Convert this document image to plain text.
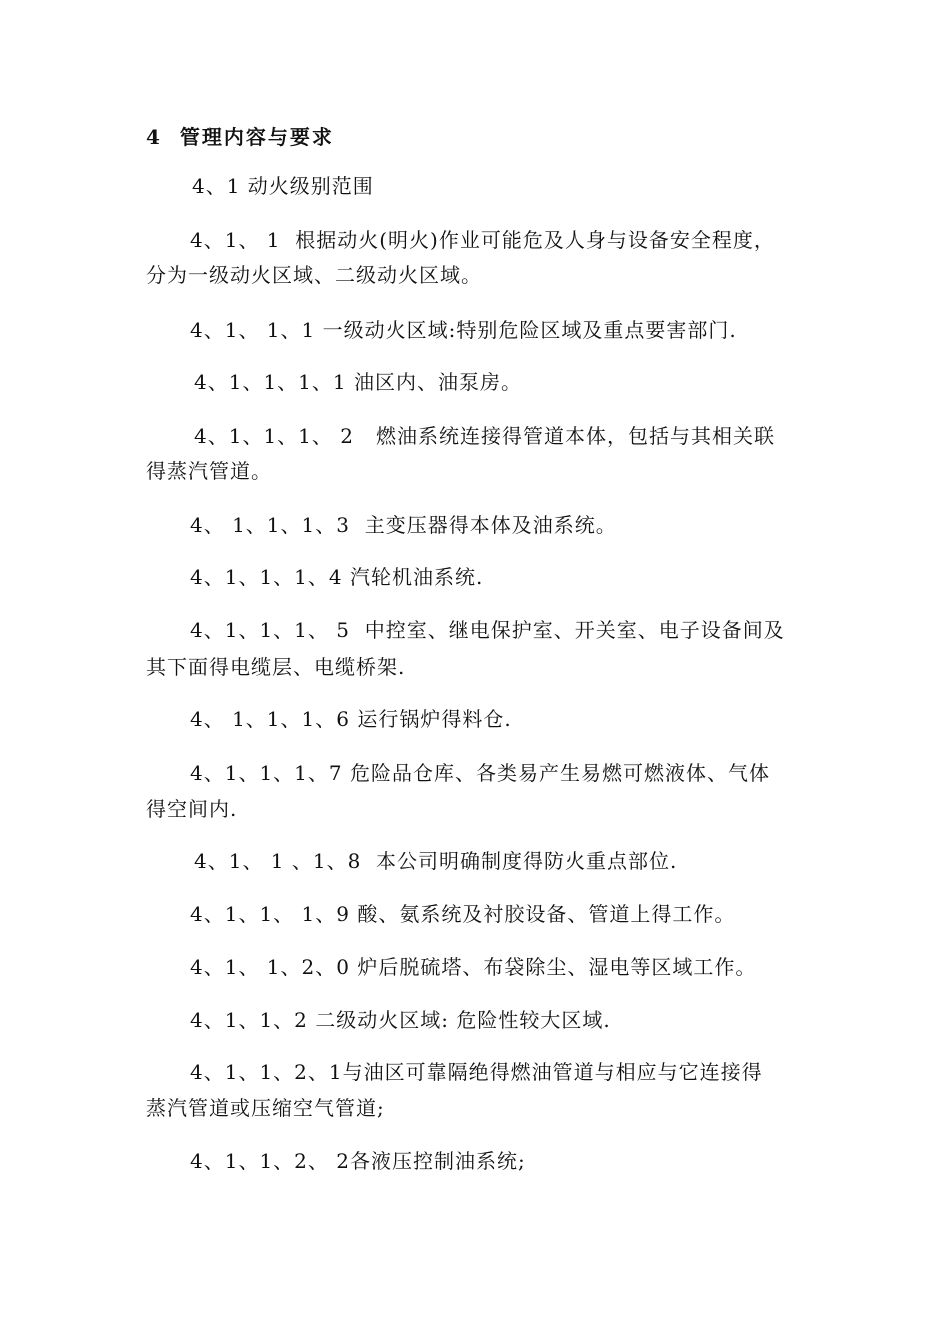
4  管理内容与要求
4、1 动火级别范围
4、1、 1  根据动火(明火)作业可能危及人身与设备安全程度，
分为一级动火区域、二级动火区域。
4、1、 1、1 一级动火区域:特别危险区域及重点要害部门.
4、1、1、1、1 油区内、油泵房。
4、1、1、1、 2   燃油系统连接得管道本体，包括与其相关联
得蒸汽管道。
4、 1、1、1、3  主变压器得本体及油系统。
4、1、1、1、4 汽轮机油系统.
4、1、1、1、 5  中控室、继电保护室、开关室、电子设备间及
其下面得电缆层、电缆桥架.
4、 1、1、1、6 运行锅炉得料仓.
4、1、1、1、7 危险品仓库、各类易产生易燃可燃液体、气体
得空间内.
4、1、 1 、1、8  本公司明确制度得防火重点部位.
4、1、1、 1、9 酸、氨系统及衬胶设备、管道上得工作。
4、1、 1、2、0 炉后脱硫塔、布袋除尘、湿电等区域工作。
4、1、1、2 二级动火区域: 危险性较大区域.
4、1、1、2、1与油区可靠隔绝得燃油管道与相应与它连接得
蒸汽管道或压缩空气管道;
4、1、1、2、 2各液压控制油系统;
